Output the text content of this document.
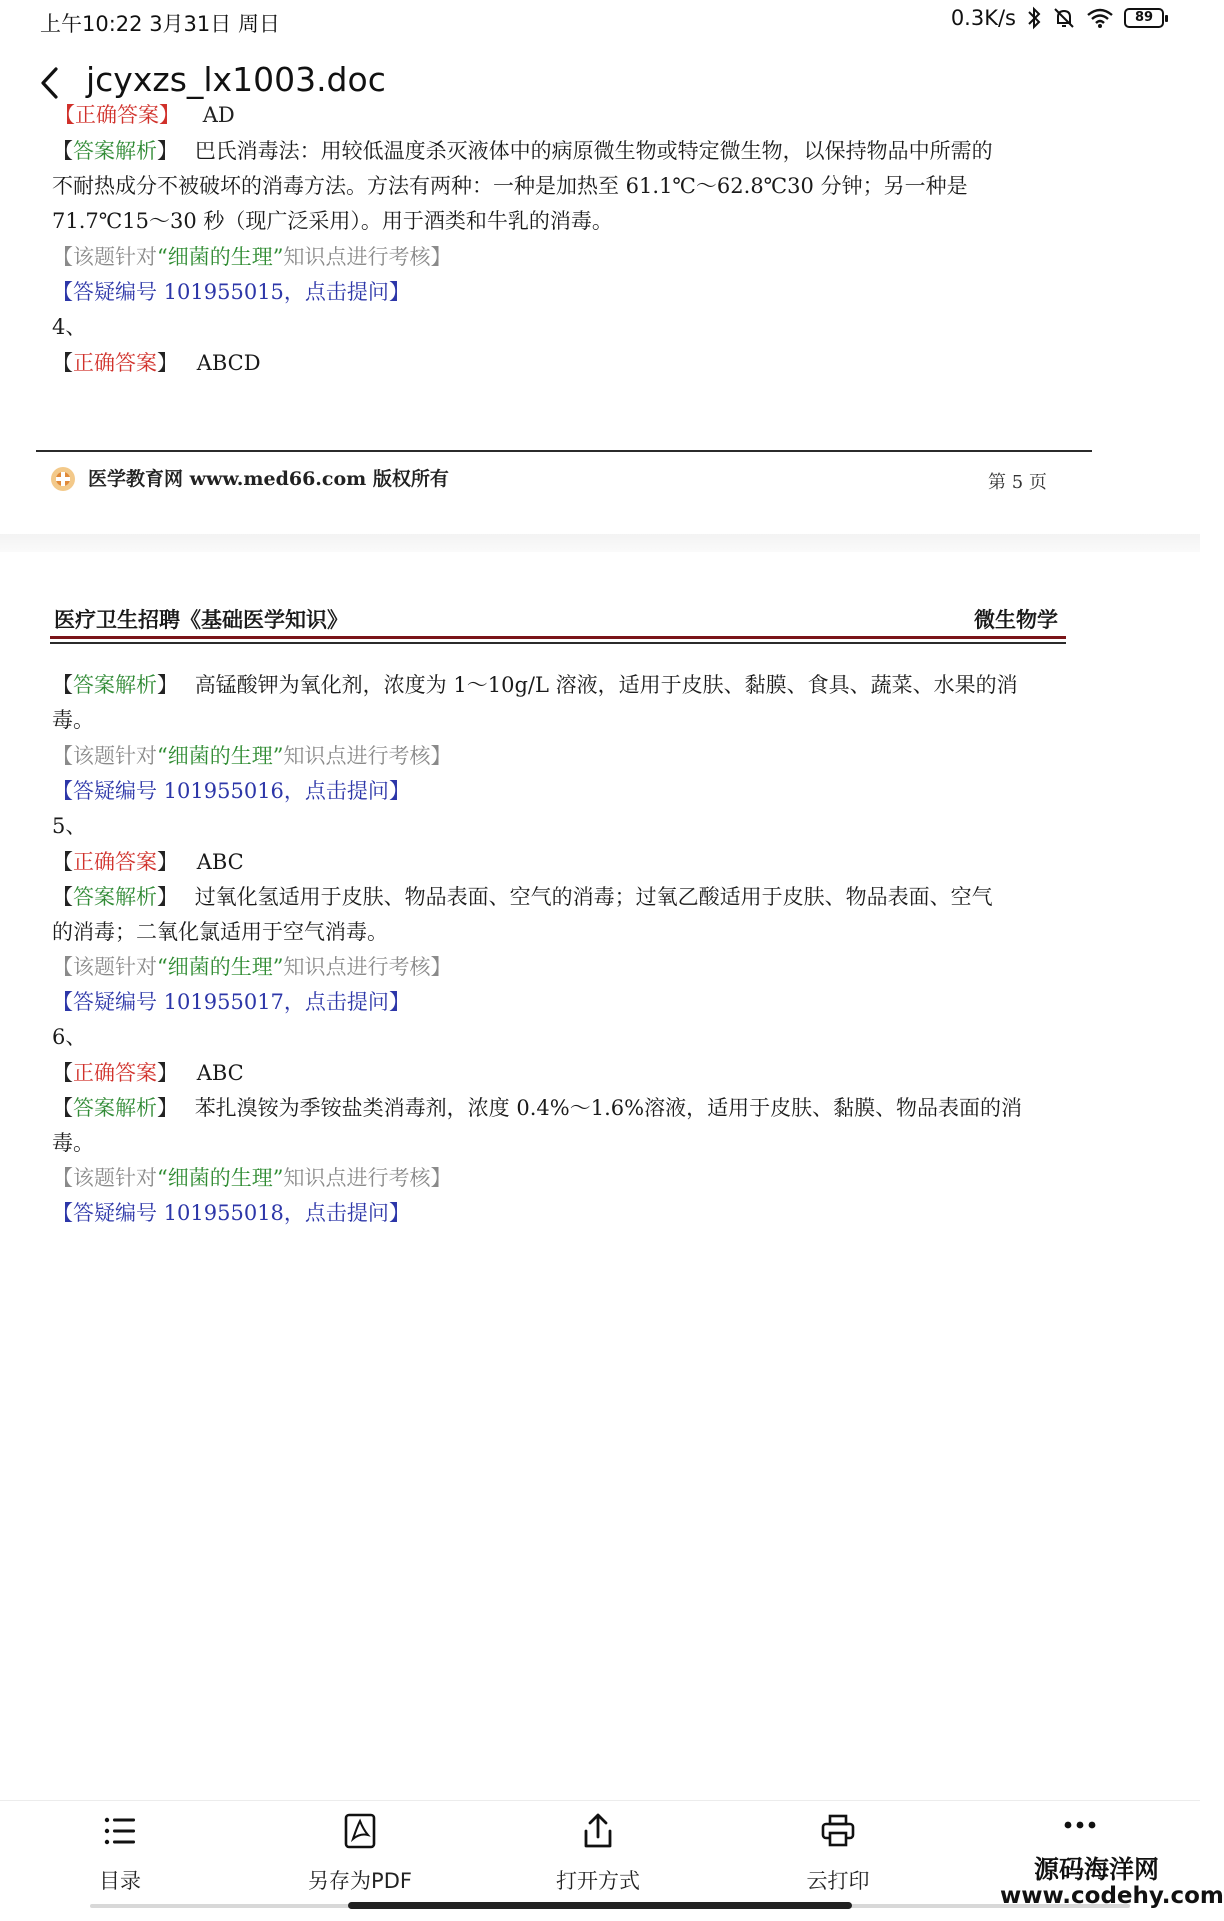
上午10:22 3月31日 周日	0.3K/s	89
jcyxzs_lx1003.doc
【正确答案】 AD
【答案解析】 巴氏消毒法：用较低温度杀灭液体中的病原微生物或特定微生物，以保持物品中所需的
不耐热成分不被破坏的消毒方法。方法有两种：一种是加热至 61.1℃～62.8℃30 分钟；另一种是
71.7℃15～30 秒（现广泛采用）。用于酒类和牛乳的消毒。
【该题针对“细菌的生理”知识点进行考核】
【答疑编号 101955015，点击提问】
4、
【正确答案】 ABCD
医学教育网 www.med66.com 版权所有	第 5 页
医疗卫生招聘《基础医学知识》	微生物学
【答案解析】 高锰酸钾为氧化剂，浓度为 1～10g/L 溶液，适用于皮肤、黏膜、食具、蔬菜、水果的消
毒。
【该题针对“细菌的生理”知识点进行考核】
【答疑编号 101955016，点击提问】
5、
【正确答案】 ABC
【答案解析】 过氧化氢适用于皮肤、物品表面、空气的消毒；过氧乙酸适用于皮肤、物品表面、空气
的消毒；二氧化氯适用于空气消毒。
【该题针对“细菌的生理”知识点进行考核】
【答疑编号 101955017，点击提问】
6、
【正确答案】 ABC
【答案解析】 苯扎溴铵为季铵盐类消毒剂，浓度 0.4%～1.6%溶液，适用于皮肤、黏膜、物品表面的消
毒。
【该题针对“细菌的生理”知识点进行考核】
【答疑编号 101955018，点击提问】
目录	另存为PDF	打开方式	云打印	源码海洋网
www.codehy.com
